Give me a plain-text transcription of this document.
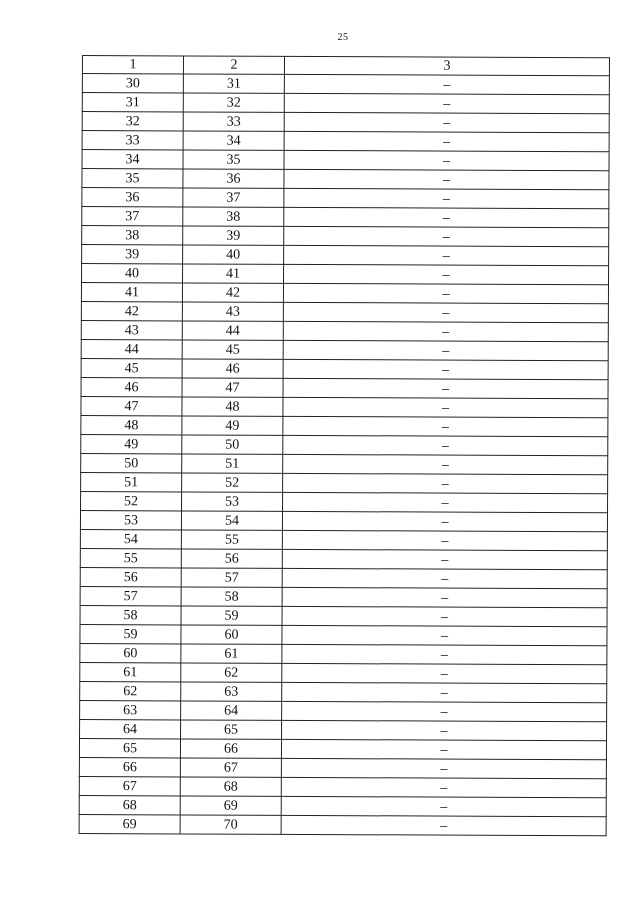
25
1	2	3
30	31	–
31	32	–
32	33	–
33	34	–
34	35	–
35	36	–
36	37	–
37	38	–
38	39	–
39	40	–
40	41	–
41	42	–
42	43	–
43	44	–
44	45	–
45	46	–
46	47	–
47	48	–
48	49	–
49	50	–
50	51	–
51	52	–
52	53	–
53	54	–
54	55	–
55	56	–
56	57	–
57	58	–
58	59	–
59	60	–
60	61	–
61	62	–
62	63	–
63	64	–
64	65	–
65	66	–
66	67	–
67	68	–
68	69	–
69	70	–
